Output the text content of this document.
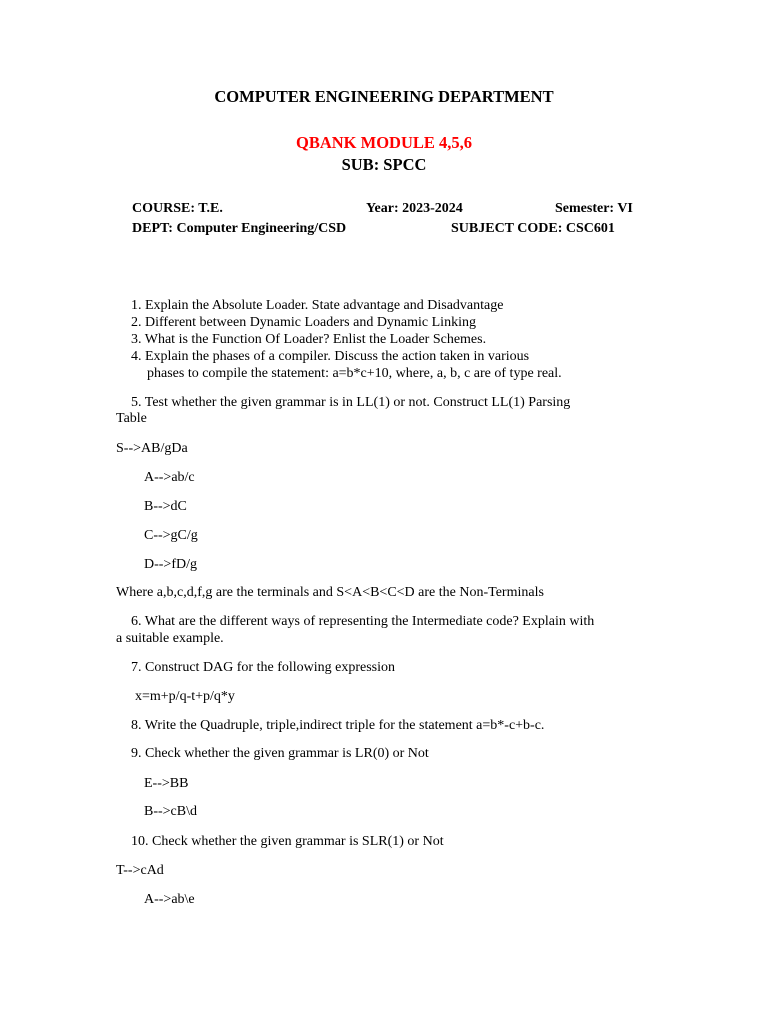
COMPUTER ENGINEERING DEPARTMENT
QBANK MODULE 4,5,6
SUB: SPCC
COURSE: T.E.	Year: 2023-2024	Semester: VI
DEPT: Computer Engineering/CSD	SUBJECT CODE: CSC601
1. Explain the Absolute Loader. State advantage and Disadvantage
2. Different between Dynamic Loaders and Dynamic Linking
3. What is the Function Of Loader? Enlist the Loader Schemes.
4. Explain the phases of a compiler. Discuss the action taken in various
phases to compile the statement: a=b*c+10, where, a, b, c are of type real.
5. Test whether the given grammar is in LL(1) or not. Construct LL(1) Parsing
Table
S-->AB/gDa
A-->ab/c
B-->dC
C-->gC/g
D-->fD/g
Where a,b,c,d,f,g are the terminals and S<A<B<C<D are the Non-Terminals
6. What are the different ways of representing the Intermediate code? Explain with
a suitable example.
7. Construct DAG for the following expression
x=m+p/q-t+p/q*y
8. Write the Quadruple, triple,indirect triple for the statement a=b*-c+b-c.
9. Check whether the given grammar is LR(0) or Not
E-->BB
B-->cB\d
10. Check whether the given grammar is SLR(1) or Not
T-->cAd
A-->ab\e
